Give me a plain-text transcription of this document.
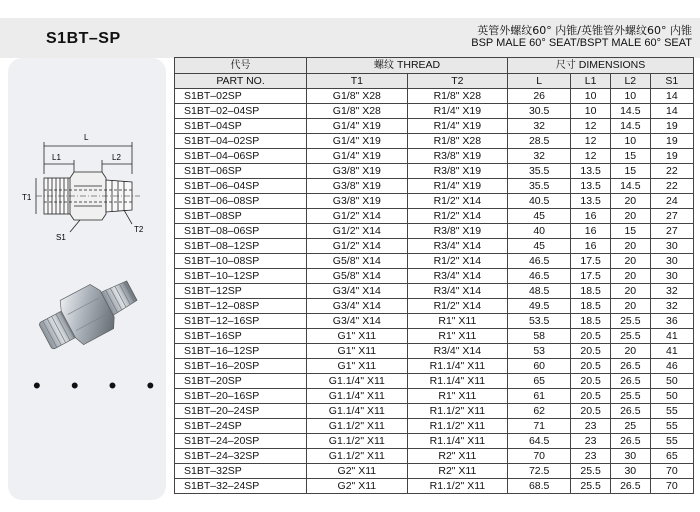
S1BT–SP	英管外螺纹60° 内锥/英锥管外螺纹60° 内锥
BSP MALE 60° SEAT/BSPT MALE 60° SEAT
L
L1	L2
T1
T2
S1
• • • •
代号	螺纹 THREAD		尺寸 DIMENSIONS			
PART NO.	T1	T2	L	L1	L2	S1
S1BT–02SP	G1/8" X28	R1/8" X28	26	10	10	14
S1BT–02–04SP	G1/8" X28	R1/4" X19	30.5	10	14.5	14
S1BT–04SP	G1/4" X19	R1/4" X19	32	12	14.5	19
S1BT–04–02SP	G1/4" X19	R1/8" X28	28.5	12	10	19
S1BT–04–06SP	G1/4" X19	R3/8" X19	32	12	15	19
S1BT–06SP	G3/8" X19	R3/8" X19	35.5	13.5	15	22
S1BT–06–04SP	G3/8" X19	R1/4" X19	35.5	13.5	14.5	22
S1BT–06–08SP	G3/8" X19	R1/2" X14	40.5	13.5	20	24
S1BT–08SP	G1/2" X14	R1/2" X14	45	16	20	27
S1BT–08–06SP	G1/2" X14	R3/8" X19	40	16	15	27
S1BT–08–12SP	G1/2" X14	R3/4" X14	45	16	20	30
S1BT–10–08SP	G5/8" X14	R1/2" X14	46.5	17.5	20	30
S1BT–10–12SP	G5/8" X14	R3/4" X14	46.5	17.5	20	30
S1BT–12SP	G3/4" X14	R3/4" X14	48.5	18.5	20	32
S1BT–12–08SP	G3/4" X14	R1/2" X14	49.5	18.5	20	32
S1BT–12–16SP	G3/4" X14	R1" X11	53.5	18.5	25.5	36
S1BT–16SP	G1" X11	R1" X11	58	20.5	25.5	41
S1BT–16–12SP	G1" X11	R3/4" X14	53	20.5	20	41
S1BT–16–20SP	G1" X11	R1.1/4" X11	60	20.5	26.5	46
S1BT–20SP	G1.1/4" X11	R1.1/4" X11	65	20.5	26.5	50
S1BT–20–16SP	G1.1/4" X11	R1" X11	61	20.5	25.5	50
S1BT–20–24SP	G1.1/4" X11	R1.1/2" X11	62	20.5	26.5	55
S1BT–24SP	G1.1/2" X11	R1.1/2" X11	71	23	25	55
S1BT–24–20SP	G1.1/2" X11	R1.1/4" X11	64.5	23	26.5	55
S1BT–24–32SP	G1.1/2" X11	R2" X11	70	23	30	65
S1BT–32SP	G2" X11	R2" X11	72.5	25.5	30	70
S1BT–32–24SP	G2" X11	R1.1/2" X11	68.5	25.5	26.5	70
